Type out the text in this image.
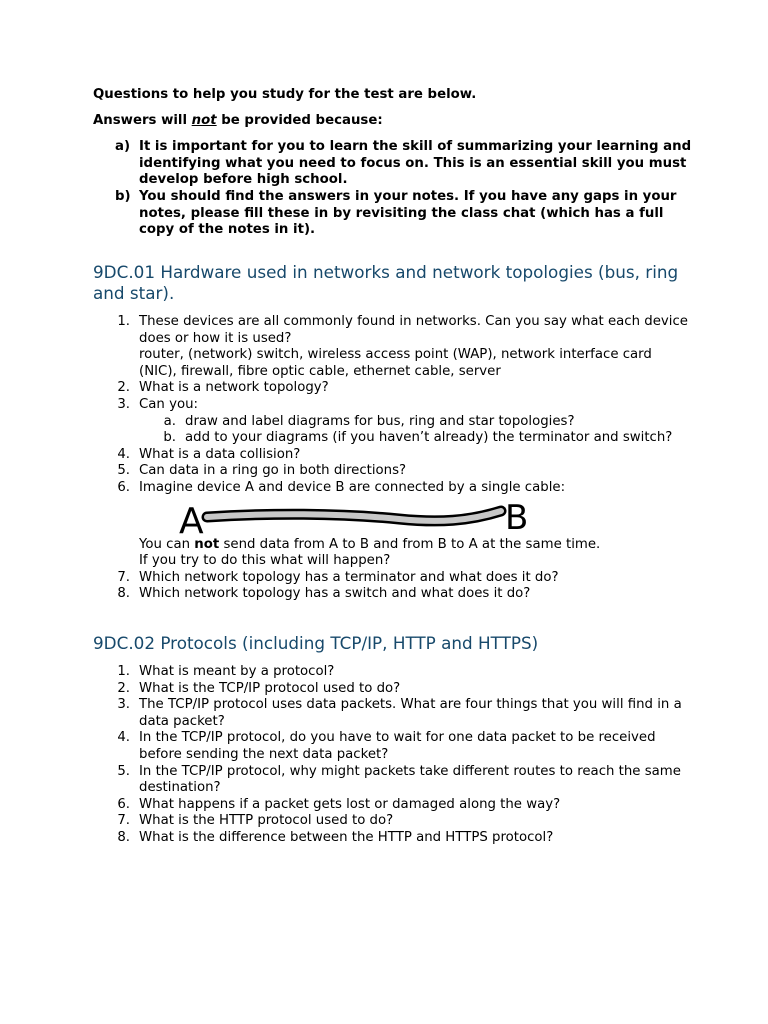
Questions to help you study for the test are below.

Answers will not be provided because:

a) It is important for you to learn the skill of summarizing your learning and identifying what you need to focus on. This is an essential skill you must develop before high school.
b) You should find the answers in your notes. If you have any gaps in your notes, please fill these in by revisiting the class chat (which has a full copy of the notes in it).
9DC.01 Hardware used in networks and network topologies (bus, ring and star).
1. These devices are all commonly found in networks. Can you say what each device does or how it is used?
router, (network) switch, wireless access point (WAP), network interface card (NIC), firewall, fibre optic cable, ethernet cable, server
2. What is a network topology?
3. Can you:
a. draw and label diagrams for bus, ring and star topologies?
b. add to your diagrams (if you haven’t already) the terminator and switch?
4. What is a data collision?
5. Can data in a ring go in both directions?
6. Imagine device A and device B are connected by a single cable:
A	B
You can not send data from A to B and from B to A at the same time.
If you try to do this what will happen?
7. Which network topology has a terminator and what does it do?
8. Which network topology has a switch and what does it do?
9DC.02 Protocols (including TCP/IP, HTTP and HTTPS)
1. What is meant by a protocol?
2. What is the TCP/IP protocol used to do?
3. The TCP/IP protocol uses data packets. What are four things that you will find in a data packet?
4. In the TCP/IP protocol, do you have to wait for one data packet to be received before sending the next data packet?
5. In the TCP/IP protocol, why might packets take different routes to reach the same destination?
6. What happens if a packet gets lost or damaged along the way?
7. What is the HTTP protocol used to do?
8. What is the difference between the HTTP and HTTPS protocol?
